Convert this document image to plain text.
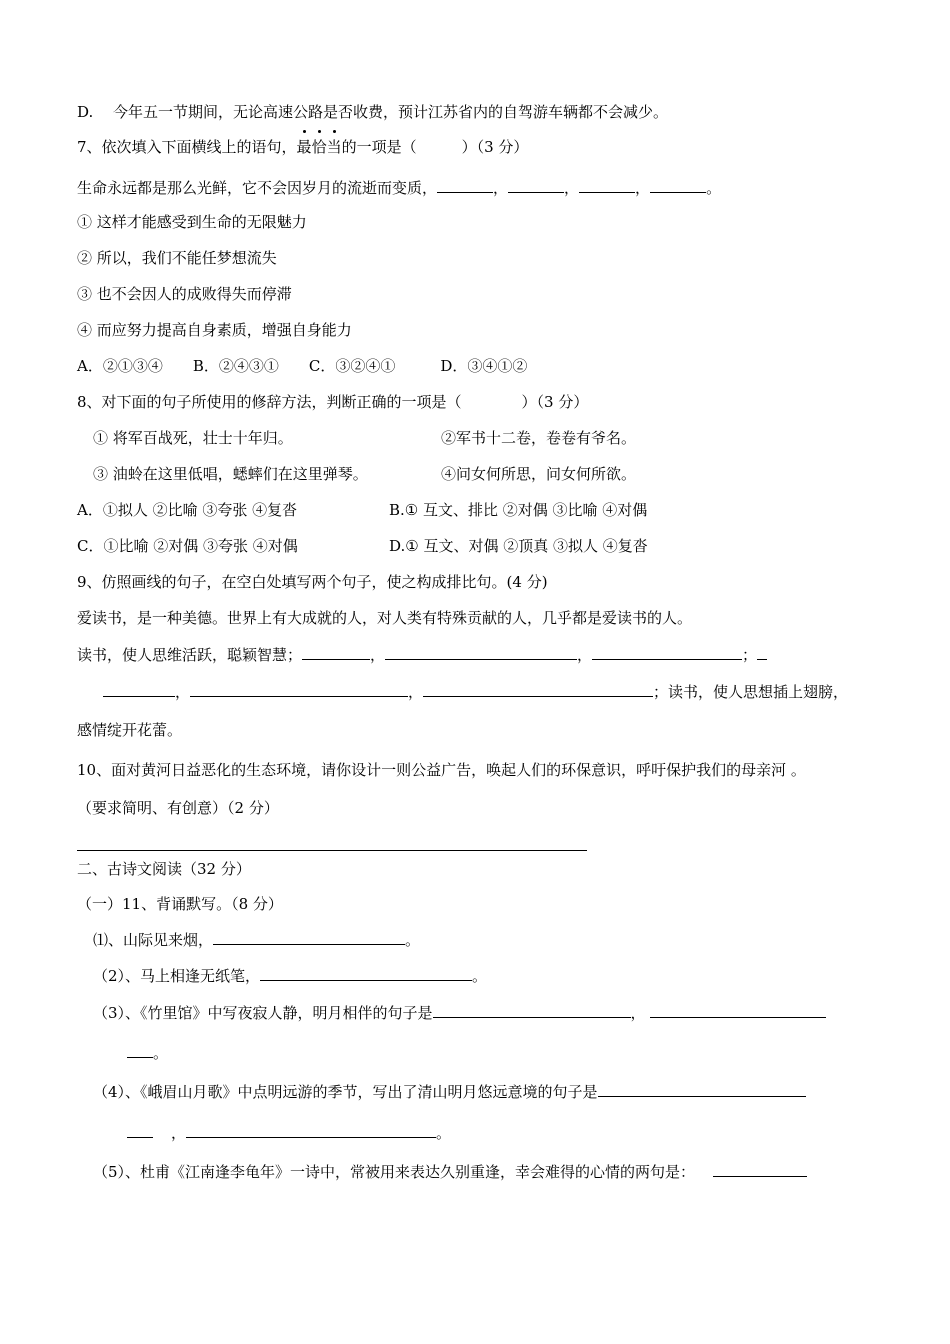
D.　 今年五一节期间，无论高速公路是否收费，预计江苏省内的自驾游车辆都不会减少。
7、依次填入下面横线上的语句，
最
恰
当的一项是（　　　）（3 分）
生命永远都是那么光鲜，它不会因岁月的流逝而变质，	，	，	，	。
① 这样才能感受到生命的无限魅力
② 所以，我们不能任梦想流失
③ 也不会因人的成败得失而停滞
④ 而应努力提高自身素质，增强自身能力
A．②①③④　　B．②④③①　　C．③②④①　　　D．③④①②
8、对下面的句子所使用的修辞方法，判断正确的一项是（　　　　）（3 分）
① 将军百战死，壮士十年归。	②军书十二卷，卷卷有爷名。
③ 油蛉在这里低唱，蟋蟀们在这里弹琴。	④问女何所思，问女何所欲。
A．①拟人 ②比喻 ③夸张 ④复沓	B.① 互文、排比 ②对偶 ③比喻 ④对偶
C．①比喻 ②对偶 ③夸张 ④对偶	D.① 互文、对偶 ②顶真 ③拟人 ④复沓
9、仿照画线的句子，在空白处填写两个句子，使之构成排比句。(4 分)
爱读书，是一种美德。世界上有大成就的人，对人类有特殊贡献的人，几乎都是爱读书的人。
读书，使人思维活跃，聪颖智慧；	，	，	；
，	，	；读书，使人思想插上翅膀，
感情绽开花蕾。
10、面对黄河日益恶化的生态环境，请你设计一则公益广告，唤起人们的环保意识，呼吁保护我们的母亲河 。
（要求简明、有创意）（2 分）
二、古诗文阅读（32 分）
（一）11、背诵默写。（8 分）
⑴、山际见来烟，	。
（2）、马上相逢无纸笔，	。
（3）、《竹里馆》中写夜寂人静，明月相伴的句子是	，
。
（4）、《峨眉山月歌》中点明远游的季节，写出了清山明月悠远意境的句子是
，	。
（5）、杜甫《江南逢李龟年》一诗中，常被用来表达久别重逢，幸会难得的心情的两句是：
